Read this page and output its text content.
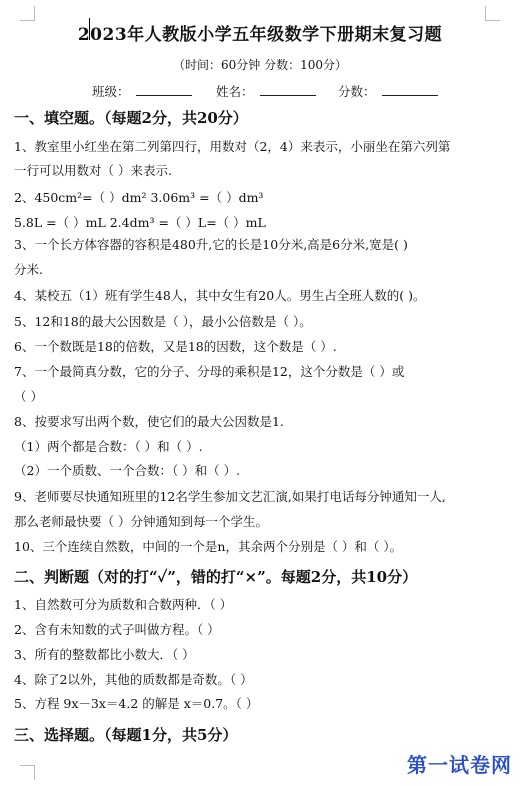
2023年人教版小学五年级数学下册期末复习题
（时间：60分钟 分数：100分）
班级：	姓名：	分数：
一、填空题。（每题2分，共20分）
1、教室里小红坐在第二列第四行，用数对（2，4）来表示，小丽坐在第六列第
一行可以用数对（ ）来表示.
2、450cm²=（ ）dm² 3.06m³ =（ ）dm³
5.8L =（ ）mL 2.4dm³ =（ ）L=（ ）mL
3、一个长方体容器的容积是480升,它的长是10分米,高是6分米,宽是( )
分米.
4、某校五（1）班有学生48人，其中女生有20人。男生占全班人数的( )。
5、12和18的最大公因数是（ ），最小公倍数是（ ）。
6、一个数既是18的倍数，又是18的因数，这个数是（ ）.
7、一个最简真分数，它的分子、分母的乘积是12，这个分数是（ ）或
（ ）
8、按要求写出两个数，使它们的最大公因数是1.
（1）两个都是合数：（ ）和（ ）.
（2）一个质数、一个合数：（ ）和（ ）.
9、老师要尽快通知班里的12名学生参加文艺汇演,如果打电话每分钟通知一人,
那么老师最快要（ ）分钟通知到每一个学生。
10、三个连续自然数，中间的一个是n，其余两个分别是（ ）和（ ）。
二、判断题（对的打“✓”，错的打“×”。每题2分，共10分）
1、自然数可分为质数和合数两种．（ ）
2、含有未知数的式子叫做方程。（ ）
3、所有的整数都比小数大．（ ）
4、除了2以外，其他的质数都是奇数。（ ）
5、方程 9x－3x＝4.2 的解是 x＝0.7。（ ）
三、选择题。（每题1分，共5分）
第一试卷网
